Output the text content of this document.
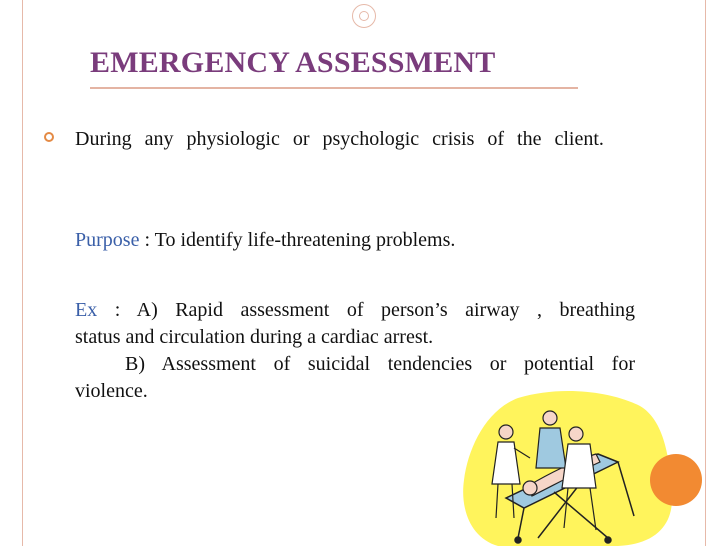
EMERGENCY ASSESSMENT
During any physiologic or psychologic crisis of the client.
Purpose : To identify life-threatening problems.
Ex : A) Rapid assessment of person’s airway , breathing
status and circulation during a cardiac arrest.
B) Assessment of suicidal tendencies or potential for
violence.
